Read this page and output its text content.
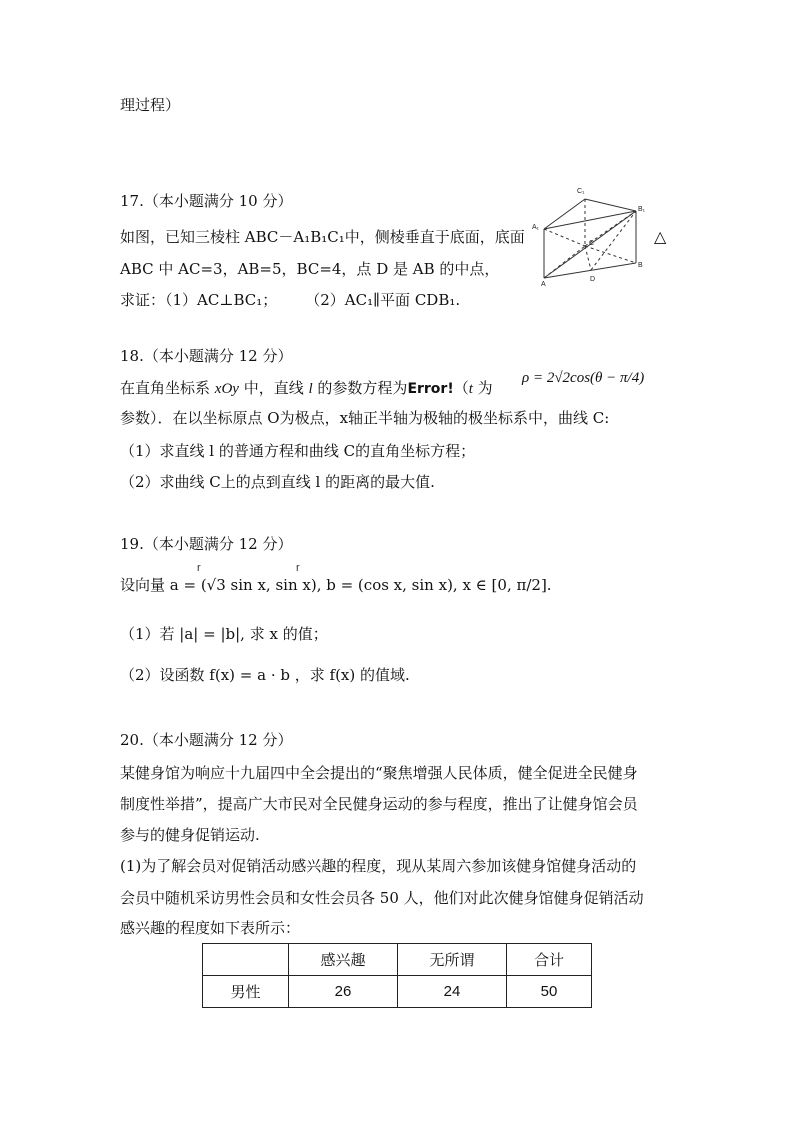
理过程）
17.（本小题满分 10 分）
如图，已知三棱柱 ABC－A₁B₁C₁中，侧棱垂直于底面，底面
ABC 中 AC=3，AB=5，BC=4，点 D 是 AB 的中点，
求证：（1）AC⊥BC₁； （2）AC₁∥平面 CDB₁.
△
C₁
B₁
A₁
C
B
D
A
18.（本小题满分 12 分）
在直角坐标系 xOy 中，直线 l 的参数方程为Error!（t 为
ρ = 2√2cos(θ − π/4)
参数）．在以坐标原点 O为极点，x轴正半轴为极轴的极坐标系中，曲线 C:
（1）求直线 l 的普通方程和曲线 C的直角坐标方程；
（2）求曲线 C上的点到直线 l 的距离的最大值.
19.（本小题满分 12 分）
r	r
设向量 a = (√3 sin x, sin x), b = (cos x, sin x), x ∈ [0, π/2].
（1）若 |a| = |b|, 求 x 的值；
（2）设函数 f(x) = a · b ，求 f(x) 的值域.
20.（本小题满分 12 分）
某健身馆为响应十九届四中全会提出的“聚焦增强人民体质，健全促进全民健身
制度性举措”，提高广大市民对全民健身运动的参与程度，推出了让健身馆会员
参与的健身促销运动.
(1)为了解会员对促销活动感兴趣的程度，现从某周六参加该健身馆健身活动的
会员中随机采访男性会员和女性会员各 50 人，他们对此次健身馆健身促销活动
感兴趣的程度如下表所示：
	感兴趣	无所谓	合计
男性	26	24	50
